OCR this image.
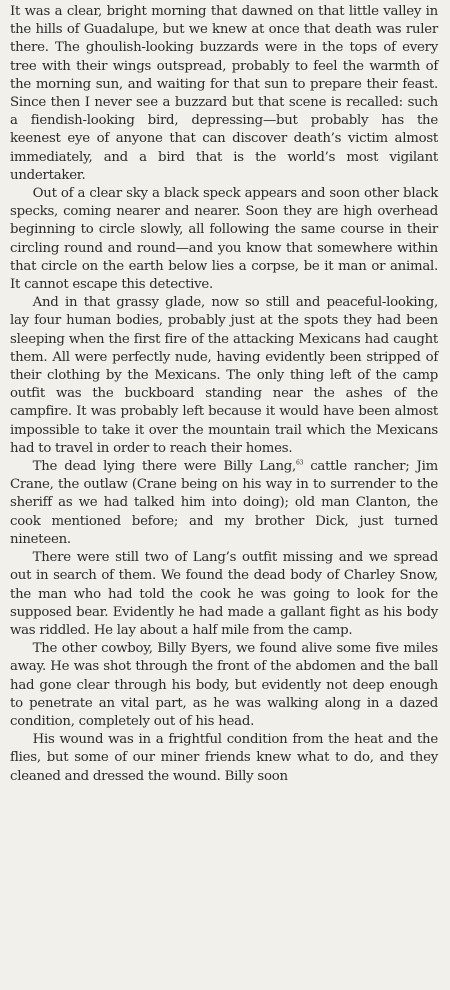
It was a clear, bright morning that dawned on that little valley in the hills of Guadalupe, but we knew at once that death was ruler there. The ghoulish-looking buzzards were in the tops of every tree with their wings outspread, probably to feel the warmth of the morning sun, and waiting for that sun to prepare their feast. Since then I never see a buzzard but that scene is recalled: such a fiendish-looking bird, depressing—but probably has the keenest eye of anyone that can discover death’s victim almost immediately, and a bird that is the world’s most vigilant undertaker.

Out of a clear sky a black speck appears and soon other black specks, coming nearer and nearer. Soon they are high overhead beginning to circle slowly, all following the same course in their circling round and round—and you know that somewhere within that circle on the earth below lies a corpse, be it man or animal. It cannot escape this detective.

And in that grassy glade, now so still and peaceful-looking, lay four human bodies, probably just at the spots they had been sleeping when the first fire of the attacking Mexicans had caught them. All were perfectly nude, having evidently been stripped of their clothing by the Mexicans. The only thing left of the camp outfit was the buckboard standing near the ashes of the campfire. It was probably left because it would have been almost impossible to take it over the mountain trail which the Mexicans had to travel in order to reach their homes.

The dead lying there were Billy Lang,$^{63}$ cattle rancher; Jim Crane, the outlaw (Crane being on his way in to surrender to the sheriff as we had talked him into doing); old man Clanton, the cook mentioned before; and my brother Dick, just turned nineteen.

There were still two of Lang’s outfit missing and we spread out in search of them. We found the dead body of Charley Snow, the man who had told the cook he was going to look for the supposed bear. Evidently he had made a gallant fight as his body was riddled. He lay about a half mile from the camp.

The other cowboy, Billy Byers, we found alive some five miles away. He was shot through the front of the abdomen and the ball had gone clear through his body, but evidently not deep enough to penetrate an vital part, as he was walking along in a dazed condition, completely out of his head.

His wound was in a frightful condition from the heat and the flies, but some of our miner friends knew what to do, and they cleaned and dressed the wound. Billy soon
